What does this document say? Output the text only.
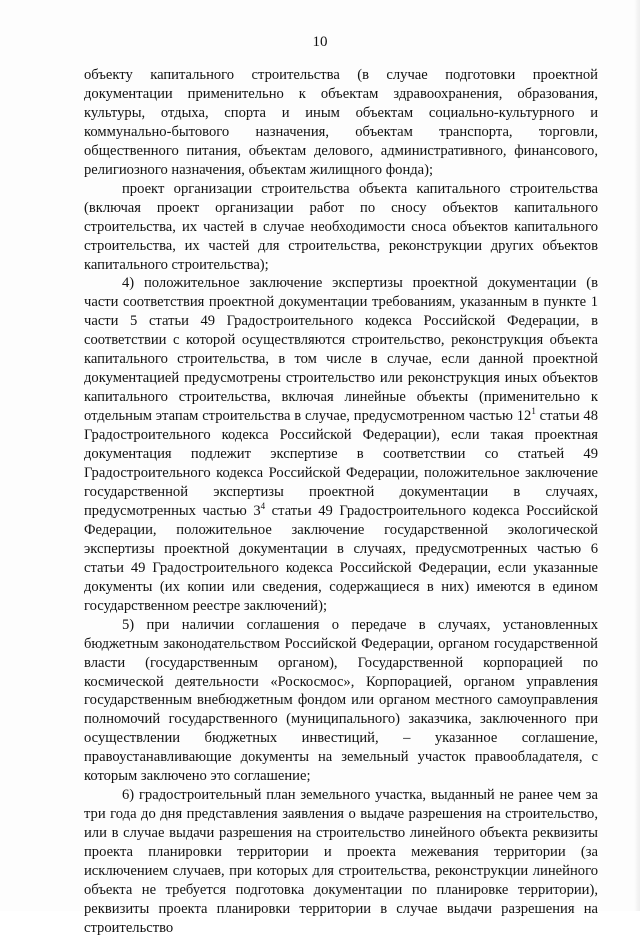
10

объекту капитального строительства (в случае подготовки проектной документации применительно к объектам здравоохранения, образования, культуры, отдыха, спорта и иным объектам социально-культурного и коммунально-бытового назначения, объектам транспорта, торговли, общественного питания, объектам делового, административного, финансового, религиозного назначения, объектам жилищного фонда);

проект организации строительства объекта капитального строительства (включая проект организации работ по сносу объектов капитального строительства, их частей в случае необходимости сноса объектов капитального строительства, их частей для строительства, реконструкции других объектов капитального строительства);

4) положительное заключение экспертизы проектной документации (в части соответствия проектной документации требованиям, указанным в пункте 1 части 5 статьи 49 Градостроительного кодекса Российской Федерации, в соответствии с которой осуществляются строительство, реконструкция объекта капитального строительства, в том числе в случае, если данной проектной документацией предусмотрены строительство или реконструкция иных объектов капитального строительства, включая линейные объекты (применительно к отдельным этапам строительства в случае, предусмотренном частью $12^1$ статьи 48 Градостроительного кодекса Российской Федерации), если такая проектная документация подлежит экспертизе в соответствии со статьей 49 Градостроительного кодекса Российской Федерации, положительное заключение государственной экспертизы проектной документации в случаях, предусмотренных частью $3^4$ статьи 49 Градостроительного кодекса Российской Федерации, положительное заключение государственной экологической экспертизы проектной документации в случаях, предусмотренных частью 6 статьи 49 Градостроительного кодекса Российской Федерации, если указанные документы (их копии или сведения, содержащиеся в них) имеются в едином государственном реестре заключений);

5) при наличии соглашения о передаче в случаях, установленных бюджетным законодательством Российской Федерации, органом государственной власти (государственным органом), Государственной корпорацией по космической деятельности «Роскосмос», Корпорацией, органом управления государственным внебюджетным фондом или органом местного самоуправления полномочий государственного (муниципального) заказчика, заключенного при осуществлении бюджетных инвестиций, – указанное соглашение, правоустанавливающие документы на земельный участок правообладателя, с которым заключено это соглашение;

6) градостроительный план земельного участка, выданный не ранее чем за три года до дня представления заявления о выдаче разрешения на строительство, или в случае выдачи разрешения на строительство линейного объекта реквизиты проекта планировки территории и проекта межевания территории (за исключением случаев, при которых для строительства, реконструкции линейного объекта не требуется подготовка документации по планировке территории), реквизиты проекта планировки территории в случае выдачи разрешения на строительство
